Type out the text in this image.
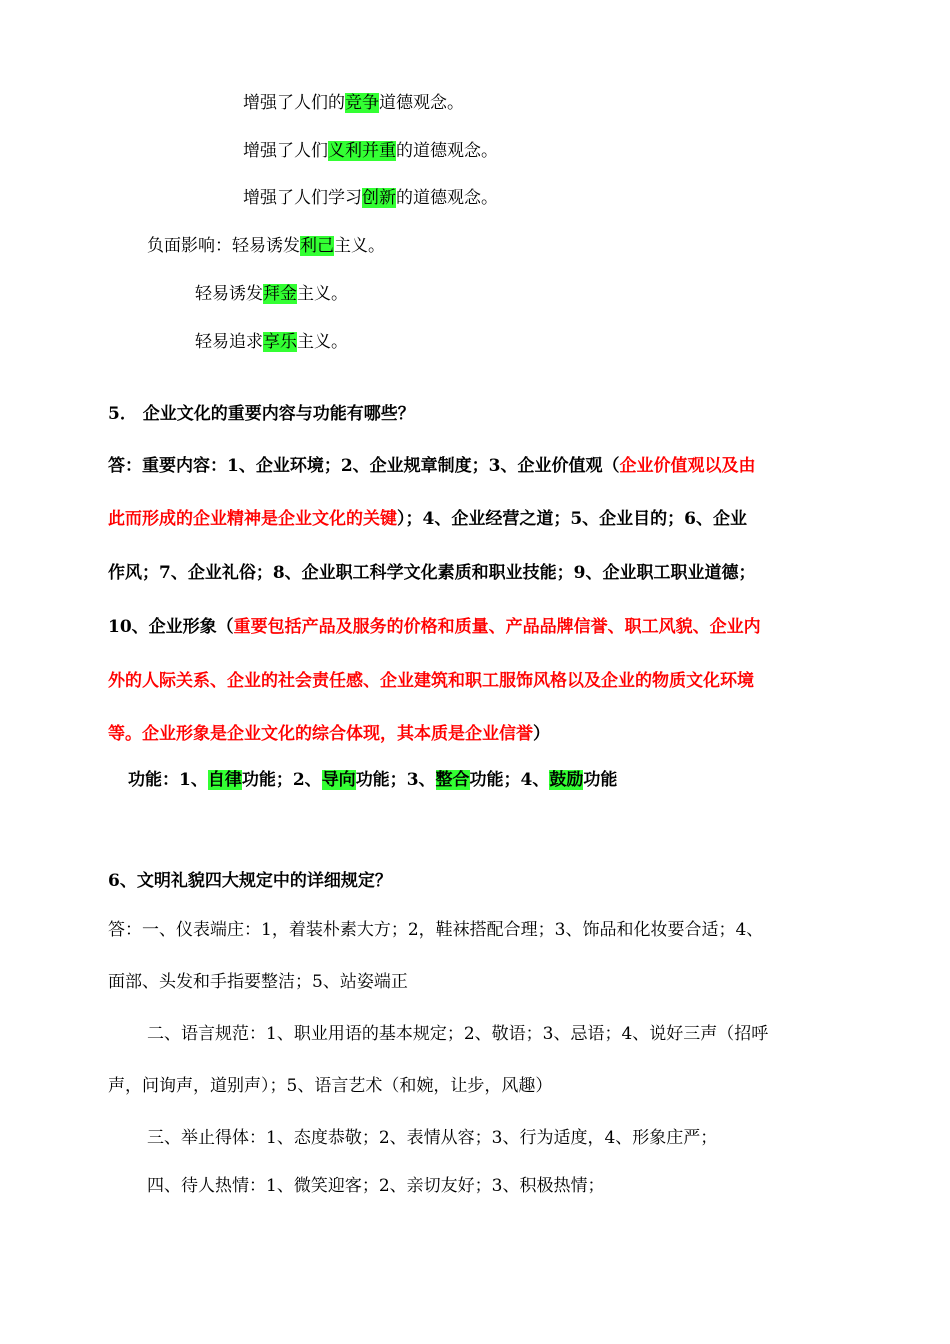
增强了人们的竞争道德观念。
增强了人们义利并重的道德观念。
增强了人们学习创新的道德观念。
负面影响：轻易诱发利己主义。
轻易诱发拜金主义。
轻易追求享乐主义。
5． 企业文化的重要内容与功能有哪些？
答：重要内容：1、企业环境；2、企业规章制度；3、企业价值观（企业价值观以及由
此而形成的企业精神是企业文化的关键）；4、企业经营之道；5、企业目的；6、企业
作风；7、企业礼俗；8、企业职工科学文化素质和职业技能；9、企业职工职业道德；
10、企业形象（重要包括产品及服务的价格和质量、产品品牌信誉、职工风貌、企业内
外的人际关系、企业的社会责任感、企业建筑和职工服饰风格以及企业的物质文化环境
等。企业形象是企业文化的综合体现，其本质是企业信誉）
功能：1、自律功能；2、导向功能；3、整合功能；4、鼓励功能
6、文明礼貌四大规定中的详细规定？
答：一、仪表端庄：1，着装朴素大方；2，鞋袜搭配合理；3、饰品和化妆要合适；4、
面部、头发和手指要整洁；5、站姿端正
二、语言规范：1、职业用语的基本规定；2、敬语；3、忌语；4、说好三声（招呼
声，问询声，道别声）；5、语言艺术（和婉，让步，风趣）
三、举止得体：1、态度恭敬；2、表情从容；3、行为适度，4、形象庄严；
四、待人热情：1、微笑迎客；2、亲切友好；3、积极热情；
